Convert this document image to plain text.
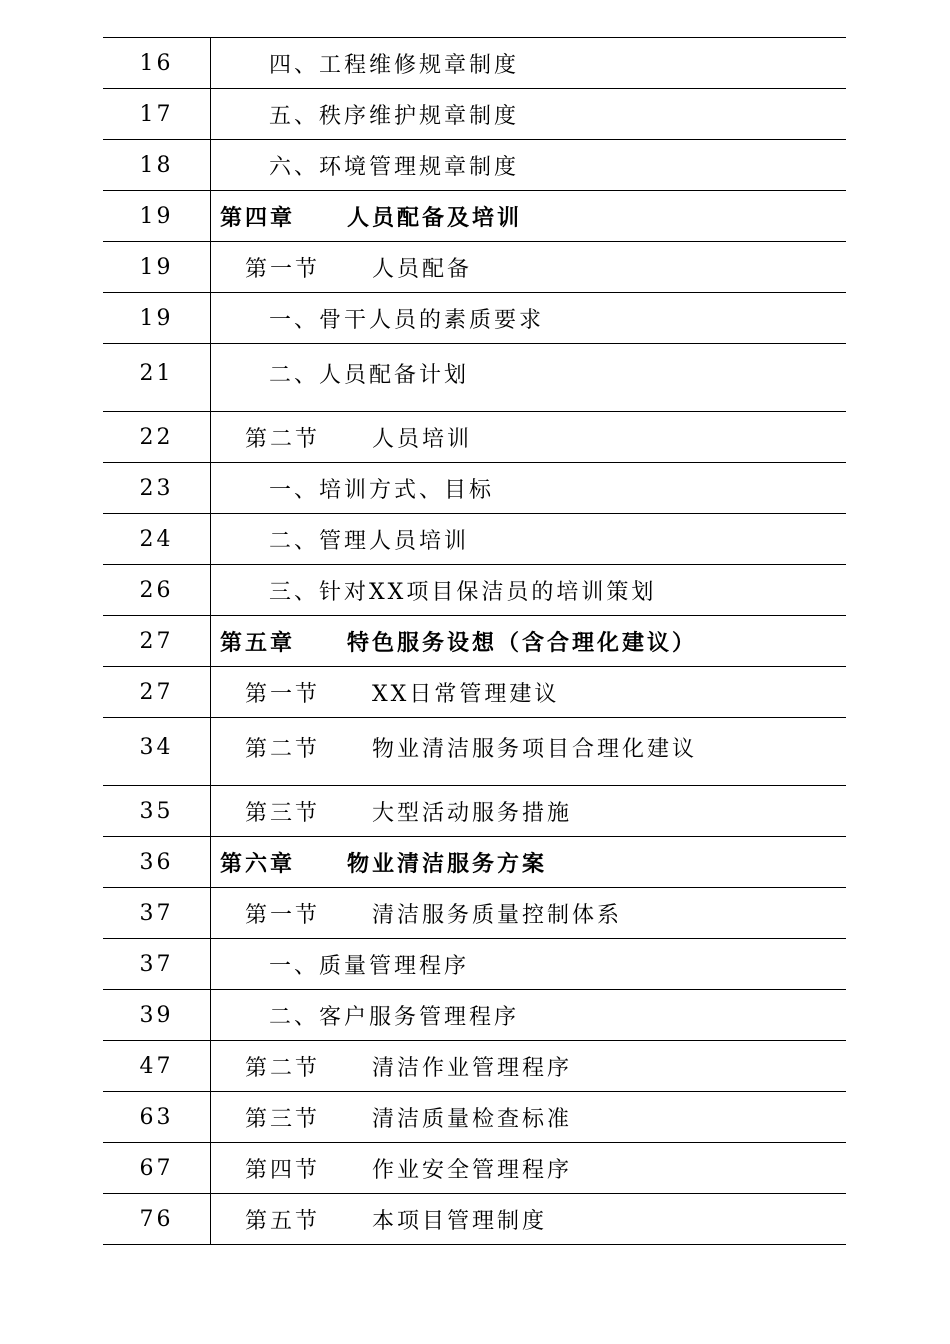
16	四、工程维修规章制度
17	五、秩序维护规章制度
18	六、环境管理规章制度
19	第四章 人员配备及培训
19	第一节 人员配备
19	一、骨干人员的素质要求
21	二、人员配备计划
22	第二节 人员培训
23	一、培训方式、目标
24	二、管理人员培训
26	三、针对XX项目保洁员的培训策划
27	第五章 特色服务设想（含合理化建议）
27	第一节 XX日常管理建议
34	第二节 物业清洁服务项目合理化建议
35	第三节 大型活动服务措施
36	第六章 物业清洁服务方案
37	第一节 清洁服务质量控制体系
37	一、质量管理程序
39	二、客户服务管理程序
47	第二节 清洁作业管理程序
63	第三节 清洁质量检查标准
67	第四节 作业安全管理程序
76	第五节 本项目管理制度
